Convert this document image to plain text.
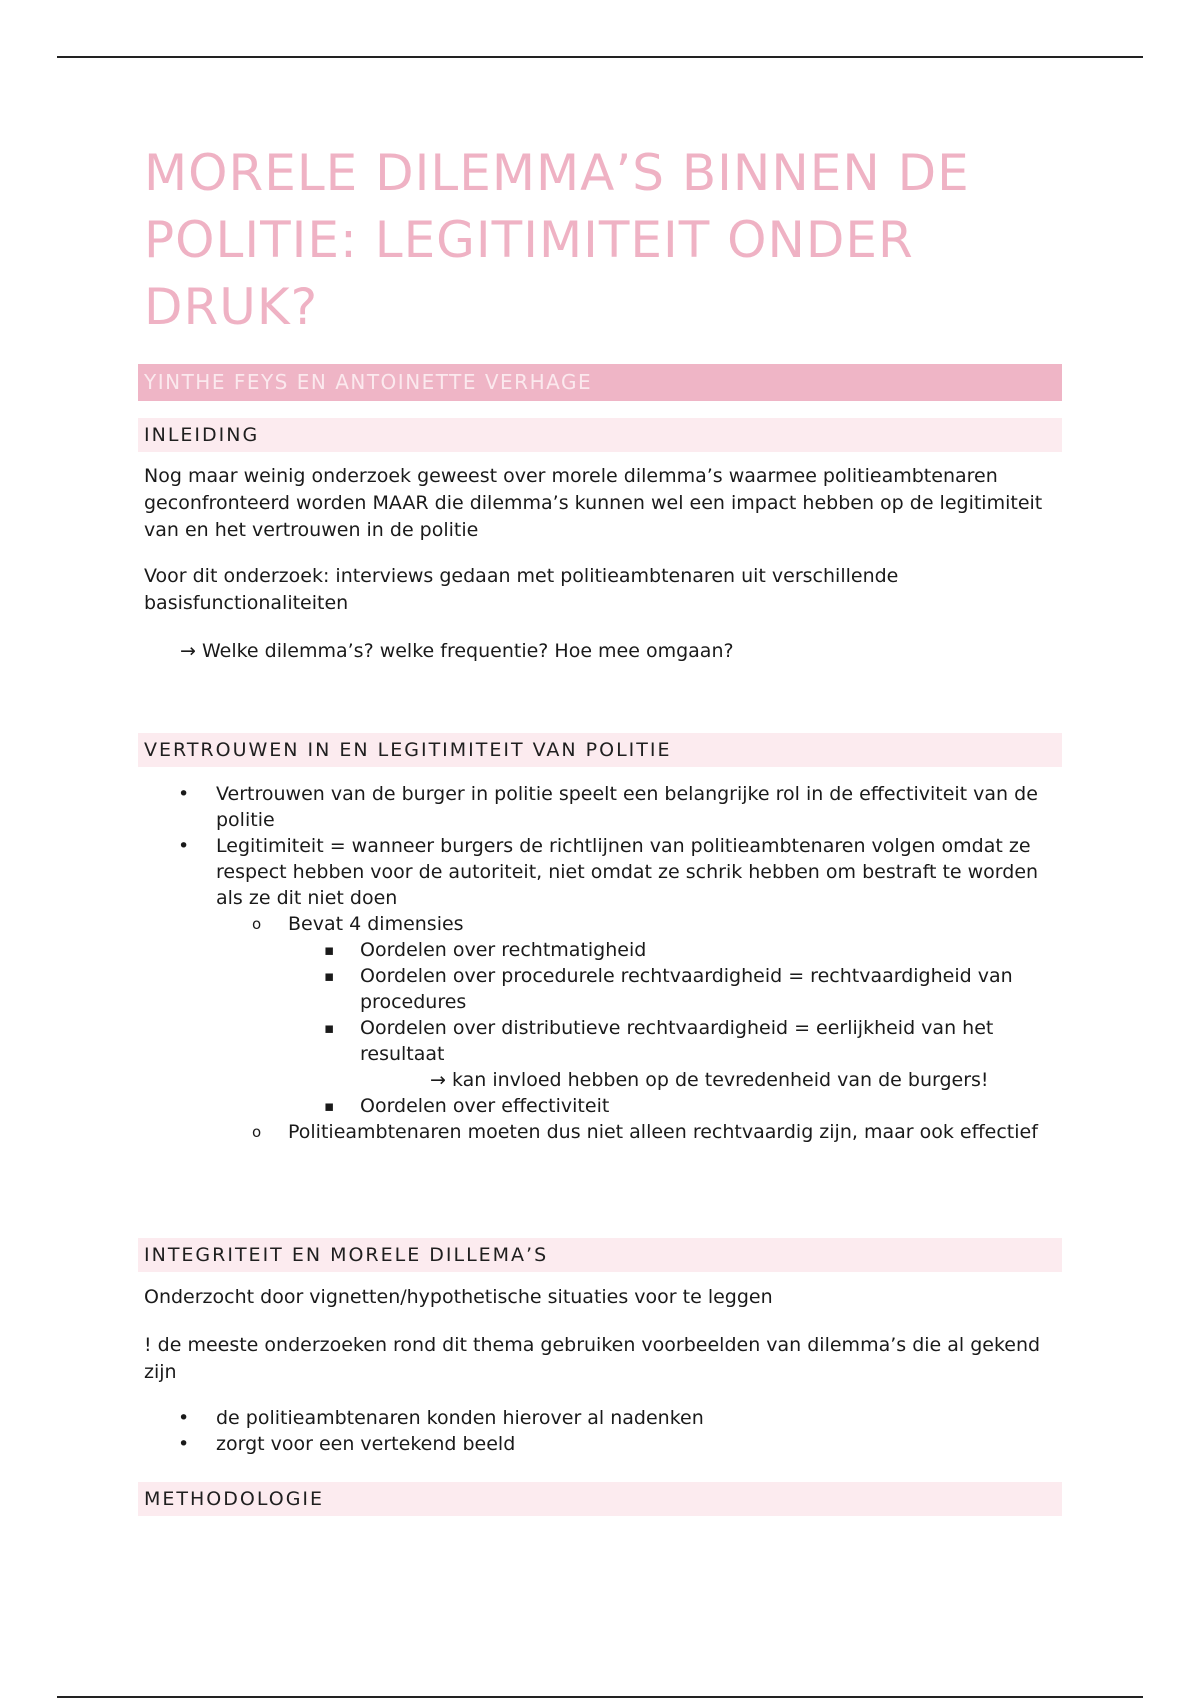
MORELE DILEMMA’S BINNEN DE POLITIE: LEGITIMITEIT ONDER DRUK?
YINTHE FEYS EN ANTOINETTE VERHAGE
INLEIDING

Nog maar weinig onderzoek geweest over morele dilemma’s waarmee politieambtenaren geconfronteerd worden MAAR die dilemma’s kunnen wel een impact hebben op de legitimiteit van en het vertrouwen in de politie

Voor dit onderzoek: interviews gedaan met politieambtenaren uit verschillende basisfunctionaliteiten

→ Welke dilemma’s? welke frequentie? Hoe mee omgaan?
VERTROUWEN IN EN LEGITIMITEIT VAN POLITIE
• Vertrouwen van de burger in politie speelt een belangrijke rol in de effectiviteit van de politie
• Legitimiteit = wanneer burgers de richtlijnen van politieambtenaren volgen omdat ze respect hebben voor de autoriteit, niet omdat ze schrik hebben om bestraft te worden als ze dit niet doen
o Bevat 4 dimensies
▪ Oordelen over rechtmatigheid
▪ Oordelen over procedurele rechtvaardigheid = rechtvaardigheid van procedures
▪ Oordelen over distributieve rechtvaardigheid = eerlijkheid van het resultaat
→ kan invloed hebben op de tevredenheid van de burgers!
▪ Oordelen over effectiviteit
o Politieambtenaren moeten dus niet alleen rechtvaardig zijn, maar ook effectief
INTEGRITEIT EN MORELE DILLEMA’S

Onderzocht door vignetten/hypothetische situaties voor te leggen

! de meeste onderzoeken rond dit thema gebruiken voorbeelden van dilemma’s die al gekend zijn

• de politieambtenaren konden hierover al nadenken
• zorgt voor een vertekend beeld
METHODOLOGIE
